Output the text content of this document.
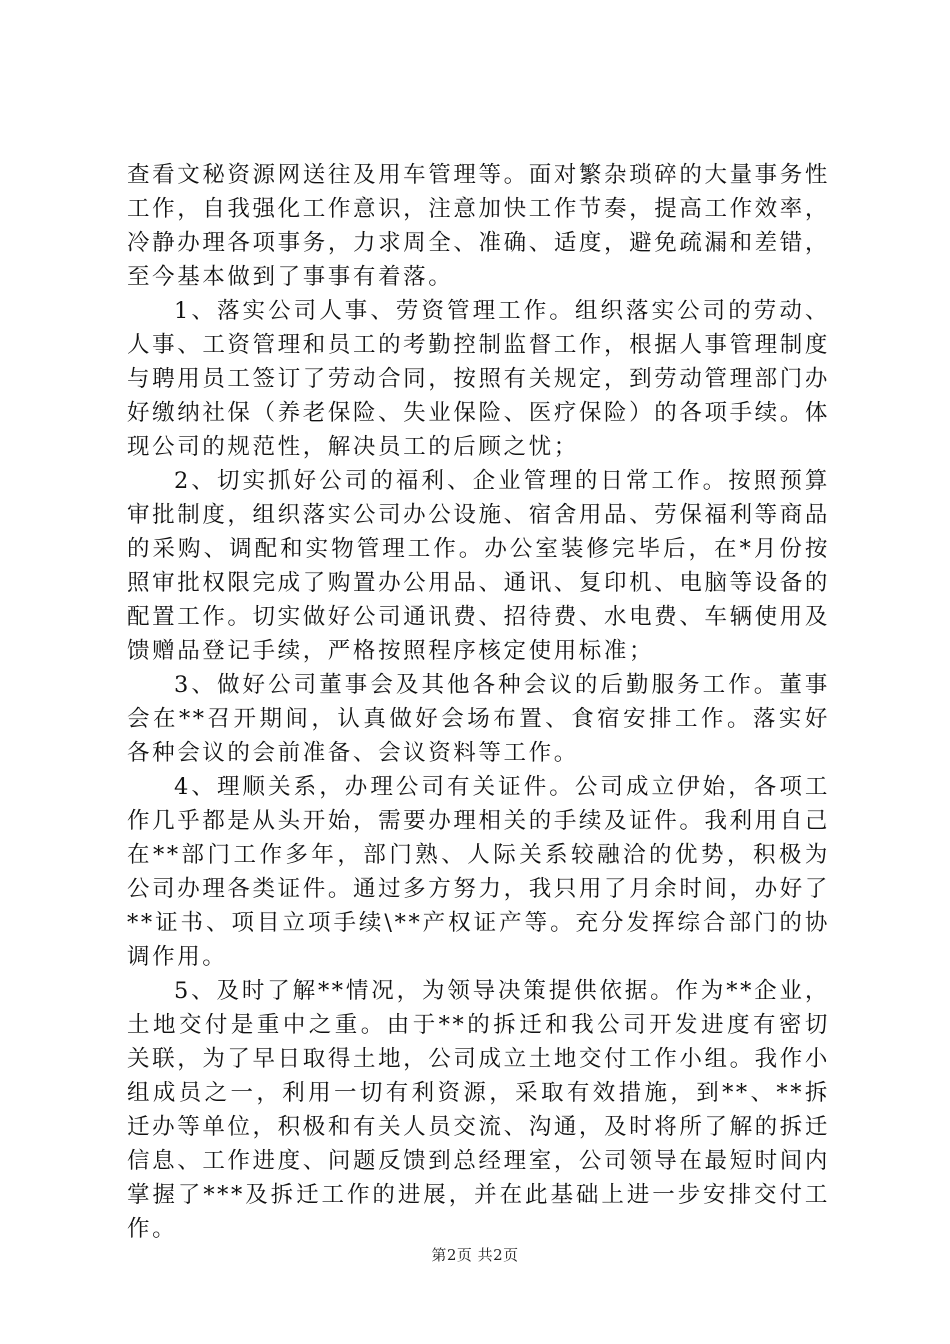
查看文秘资源网送往及用车管理等。面对繁杂琐碎的大量事务性工作，自我强化工作意识，注意加快工作节奏，提高工作效率，冷静办理各项事务，力求周全、准确、适度，避免疏漏和差错，至今基本做到了事事有着落。

1、落实公司人事、劳资管理工作。组织落实公司的劳动、人事、工资管理和员工的考勤控制监督工作，根据人事管理制度与聘用员工签订了劳动合同，按照有关规定，到劳动管理部门办好缴纳社保（养老保险、失业保险、医疗保险）的各项手续。体现公司的规范性，解决员工的后顾之忧；

2、切实抓好公司的福利、企业管理的日常工作。按照预算审批制度，组织落实公司办公设施、宿舍用品、劳保福利等商品的采购、调配和实物管理工作。办公室装修完毕后，在*月份按照审批权限完成了购置办公用品、通讯、复印机、电脑等设备的配置工作。切实做好公司通讯费、招待费、水电费、车辆使用及馈赠品登记手续，严格按照程序核定使用标准；

3、做好公司董事会及其他各种会议的后勤服务工作。董事会在**召开期间，认真做好会场布置、食宿安排工作。落实好各种会议的会前准备、会议资料等工作。

4、理顺关系，办理公司有关证件。公司成立伊始，各项工作几乎都是从头开始，需要办理相关的手续及证件。我利用自己在**部门工作多年，部门熟、人际关系较融洽的优势，积极为公司办理各类证件。通过多方努力，我只用了月余时间，办好了**证书、项目立项手续\**产权证产等。充分发挥综合部门的协调作用。

5、及时了解**情况，为领导决策提供依据。作为**企业，土地交付是重中之重。由于**的拆迁和我公司开发进度有密切关联，为了早日取得土地，公司成立土地交付工作小组。我作小组成员之一，利用一切有利资源，采取有效措施，到**、**拆迁办等单位，积极和有关人员交流、沟通，及时将所了解的拆迁信息、工作进度、问题反馈到总经理室，公司领导在最短时间内掌握了***及拆迁工作的进展，并在此基础上进一步安排交付工作。

第2页 共2页
